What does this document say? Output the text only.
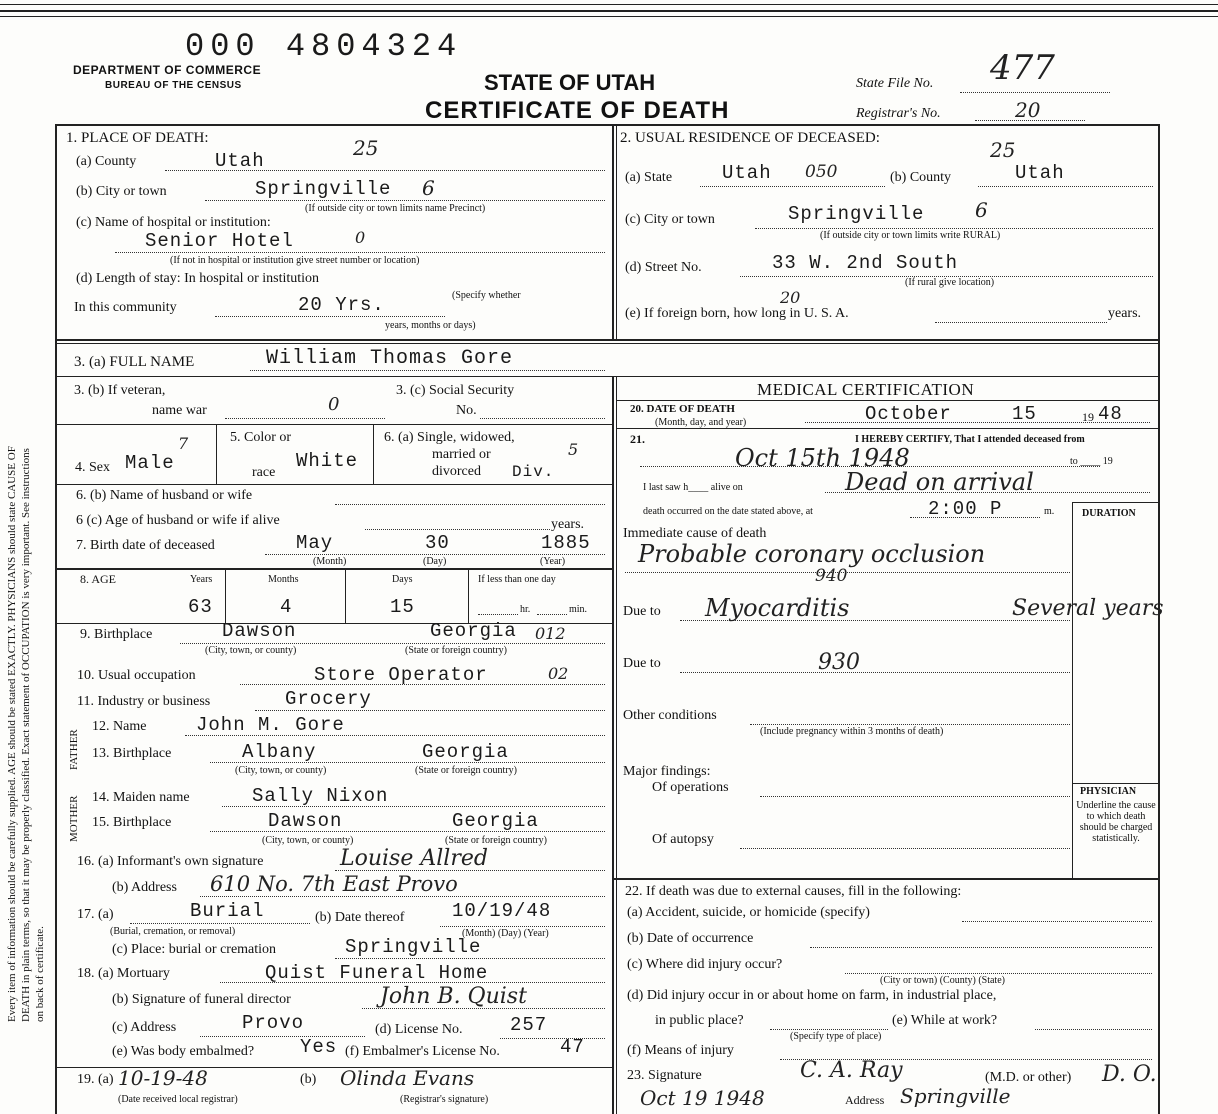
Every item of information should be carefully supplied. AGE should be stated EXACTLY. PHYSICIANS should state CAUSE OF DEATH in plain terms, so that it may be properly classified. Exact statement of OCCUPATION is very important. See instructions on back of certificate.
000 4804324
DEPARTMENT OF COMMERCE
BUREAU OF THE CENSUS	STATE OF UTAH
CERTIFICATE OF DEATH
State File No. 477
Registrar's No.	20
1. PLACE OF DEATH:
(a) County	Utah
25
(b) City or town	Springville 6
(If outside city or town limits name Precinct)
(c) Name of hospital or institution:
Senior Hotel	0
(If not in hospital or institution give street number or location)
(d) Length of stay: In hospital or institution
(Specify whether
In this community	20 Yrs.
years, months or days)
2. USUAL RESIDENCE OF DECEASED:
(a) State	Utah 050	(b) County	Utah
25
(c) City or town	Springville	6
(If outside city or town limits write RURAL)
(d) Street No.	33 W. 2nd South
(If rural give location)
(e) If foreign born, how long in U. S. A.
20
years.
3. (a) FULL NAME	William Thomas Gore
3. (b) If veteran,
name war	0
3. (c) Social Security
No.
4. Sex Male
7	5. Color or
race
White
6. (a) Single, widowed,
married or
divorced Div.
5
6. (b) Name of husband or wife
6 (c) Age of husband or wife if alive	years.
7. Birth date of deceased	May	30	1885
(Month)	(Day)	(Year)
8. AGE	Years	Months	Days	If less than one day
63	4	15	hr.	min.
9. Birthplace	Dawson	Georgia 012
(City, town, or county)	(State or foreign country)
10. Usual occupation	Store Operator	02
11. Industry or business	Grocery
FATHER
MOTHER
12. Name	John M. Gore
13. Birthplace	Albany	Georgia
(City, town, or county)	(State or foreign country)
14. Maiden name	Sally Nixon
15. Birthplace	Dawson	Georgia
(City, town, or county)	(State or foreign country)
16. (a) Informant's own signature	Louise Allred
(b) Address 610 No. 7th East Provo
17. (a)	Burial
(Burial, cremation, or removal)
(b) Date thereof	10/19/48
(Month) (Day) (Year)
(c) Place: burial or cremation	Springville
18. (a) Mortuary	Quist Funeral Home
(b) Signature of funeral director	John B. Quist
(c) Address	Provo	(d) License No.	257
(e) Was body embalmed? Yes (f) Embalmer's License No.	47
19. (a) 10-19-48	(b) Olinda Evans
(Date received local registrar)	(Registrar's signature)
MEDICAL CERTIFICATION
20. DATE OF DEATH
(Month, day, and year)	October	15	19 48
21.	I HEREBY CERTIFY, That I attended deceased from
Oct 15th 1948	to ____ 19
I last saw h____ alive on	Dead on arrival
death occurred on the date stated above, at	2:00 P	m.	DURATION
Immediate cause of death
Probable coronary occlusion
940
Due to Myocarditis	Several years
Due to	930
Other conditions
(Include pregnancy within 3 months of death)
Major findings:
Of operations
Of autopsy
PHYSICIAN
Underline the cause to which death should be charged statistically.
22. If death was due to external causes, fill in the following:
(a) Accident, suicide, or homicide (specify)
(b) Date of occurrence
(c) Where did injury occur?
(City or town) (County) (State)
(d) Did injury occur in or about home on farm, in industrial place,
in public place?
(Specify type of place)
(e) While at work?
(f) Means of injury
23. Signature	C. A. Ray	(M.D. or other) D. O.
Oct 19 1948	Address Springville
